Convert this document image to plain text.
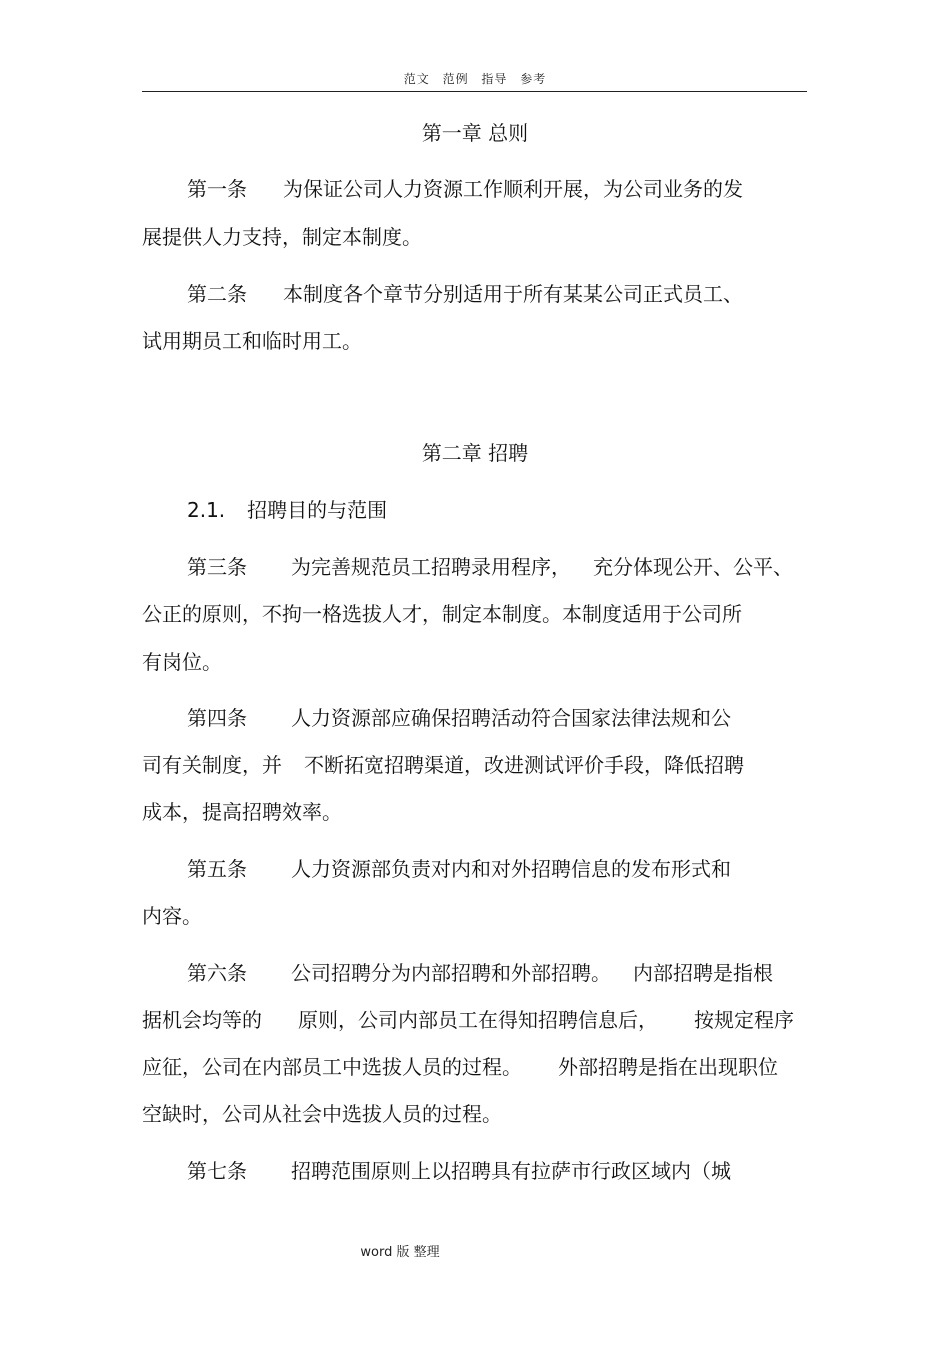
范文 范例 指导 参考
第一章 总则
第一条 为保证公司人力资源工作顺利开展，为公司业务的发
展提供人力支持，制定本制度。
第二条 本制度各个章节分别适用于所有某某公司正式员工、
试用期员工和临时用工。
第二章 招聘
2.1. 招聘目的与范围
第三条 为完善规范员工招聘录用程序， 充分体现公开、公平、
公正的原则，不拘一格选拔人才，制定本制度。本制度适用于公司所
有岗位。
第四条 人力资源部应确保招聘活动符合国家法律法规和公
司有关制度，并 不断拓宽招聘渠道，改进测试评价手段，降低招聘
成本，提高招聘效率。
第五条 人力资源部负责对内和对外招聘信息的发布形式和
内容。
第六条 公司招聘分为内部招聘和外部招聘。 内部招聘是指根
据机会均等的 原则，公司内部员工在得知招聘信息后， 按规定程序
应征，公司在内部员工中选拔人员的过程。 外部招聘是指在出现职位
空缺时，公司从社会中选拔人员的过程。
第七条 招聘范围原则上以招聘具有拉萨市行政区域内（城
word 版 整理
